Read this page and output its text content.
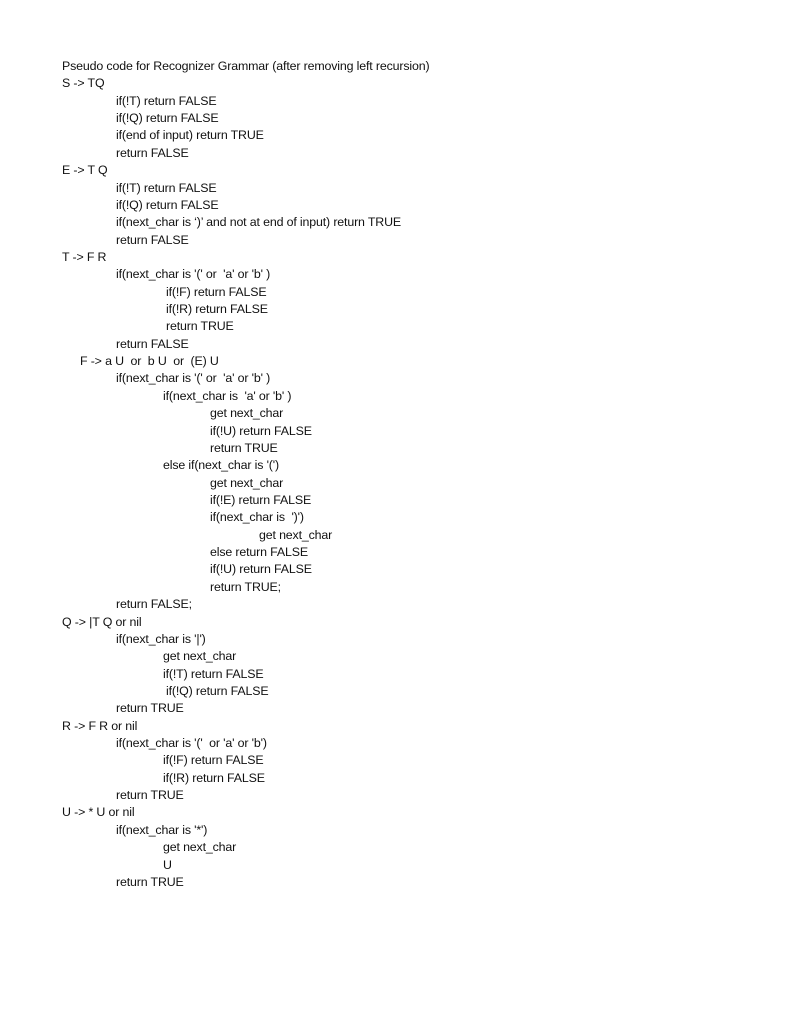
Pseudo code for Recognizer Grammar (after removing left recursion)
S -> TQ
if(!T) return FALSE
if(!Q) return FALSE
if(end of input) return TRUE
return FALSE
E -> T Q
if(!T) return FALSE
if(!Q) return FALSE
if(next_char is ‘)’ and not at end of input) return TRUE
return FALSE
T -> F R
if(next_char is '(' or  'a' or 'b' )
if(!F) return FALSE
if(!R) return FALSE
return TRUE
return FALSE
F -> a U  or  b U  or  (E) U
if(next_char is '(' or  'a' or 'b' )
if(next_char is  'a' or 'b' )
get next_char
if(!U) return FALSE
return TRUE
else if(next_char is '(')
get next_char
if(!E) return FALSE
if(next_char is  ')')
get next_char
else return FALSE
if(!U) return FALSE
return TRUE;
return FALSE;
Q -> |T Q or nil
if(next_char is '|')
get next_char
if(!T) return FALSE
if(!Q) return FALSE
return TRUE
R -> F R or nil
if(next_char is '('  or 'a' or 'b')
if(!F) return FALSE
if(!R) return FALSE
return TRUE
U -> * U or nil
if(next_char is '*')
get next_char
U
return TRUE
